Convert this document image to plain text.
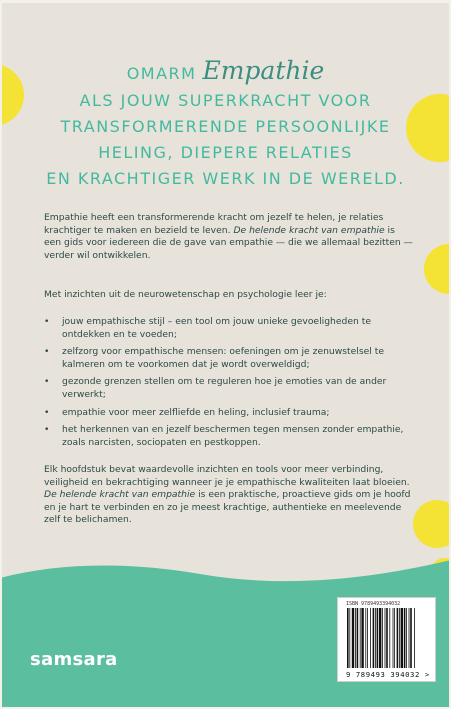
OMARM Empathie
ALS JOUW SUPERKRACHT VOOR
TRANSFORMERENDE PERSOONLIJKE
HELING, DIEPERE RELATIES
EN KRACHTIGER WERK IN DE WERELD.

Empathie heeft een transformerende kracht om jezelf te helen, je relaties krachtiger te maken en bezield te leven. De helende kracht van empathie is een gids voor iedereen die de gave van empathie — die we allemaal bezitten — verder wil ontwikkelen.

Met inzichten uit de neurowetenschap en psychologie leer je:

• jouw empathische stijl – een tool om jouw unieke gevoeligheden te ontdekken en te voeden;
• zelfzorg voor empathische mensen: oefeningen om je zenuwstelsel te kalmeren om te voorkomen dat je wordt overweldigd;
• gezonde grenzen stellen om te reguleren hoe je emoties van de ander verwerkt;
• empathie voor meer zelfliefde en heling, inclusief trauma;
• het herkennen van en jezelf beschermen tegen mensen zonder empathie, zoals narcisten, sociopaten en pestkoppen.

Elk hoofdstuk bevat waardevolle inzichten en tools voor meer verbinding, veiligheid en bekrachtiging wanneer je je empathische kwaliteiten laat bloeien. De helende kracht van empathie is een praktische, proactieve gids om je hoofd en je hart te verbinden en zo je meest krachtige, authentieke en meelevende zelf te belichamen.

samsara
ISBN 9789493394032
9 789493 394032 >
